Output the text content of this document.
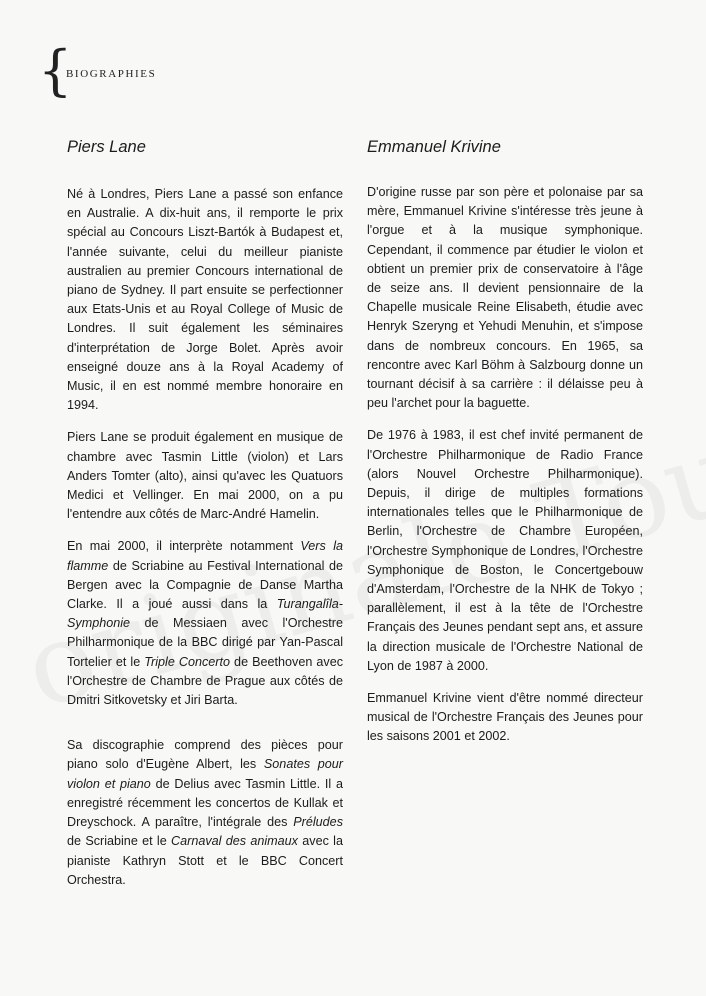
{
BIOGRAPHIES
Piers Lane

Né à Londres, Piers Lane a passé son enfance en Australie. A dix-huit ans, il remporte le prix spécial au Concours Liszt-Bartók à Budapest et, l'année suivante, celui du meilleur pianiste australien au premier Concours international de piano de Sydney. Il part ensuite se perfectionner aux Etats-Unis et au Royal College of Music de Londres. Il suit également les séminaires d'interprétation de Jorge Bolet. Après avoir enseigné douze ans à la Royal Academy of Music, il en est nommé membre honoraire en 1994.

Piers Lane se produit également en musique de chambre avec Tasmin Little (violon) et Lars Anders Tomter (alto), ainsi qu'avec les Quatuors Medici et Vellinger. En mai 2000, on a pu l'entendre aux côtés de Marc-André Hamelin.

En mai 2000, il interprète notamment Vers la flamme de Scriabine au Festival International de Bergen avec la Compagnie de Danse Martha Clarke. Il a joué aussi dans la Turangalîla-Symphonie de Messiaen avec l'Orchestre Philharmonique de la BBC dirigé par Yan-Pascal Tortelier et le Triple Concerto de Beethoven avec l'Orchestre de Chambre de Prague aux côtés de Dmitri Sitkovetsky et Jiri Barta.

Sa discographie comprend des pièces pour piano solo d'Eugène Albert, les Sonates pour violon et piano de Delius avec Tasmin Little. Il a enregistré récemment les concertos de Kullak et Dreyschock. A paraître, l'intégrale des Préludes de Scriabine et le Carnaval des animaux avec la pianiste Kathryn Stott et le BBC Concert Orchestra.

Emmanuel Krivine

D'origine russe par son père et polonaise par sa mère, Emmanuel Krivine s'intéresse très jeune à l'orgue et à la musique symphonique. Cependant, il commence par étudier le violon et obtient un premier prix de conservatoire à l'âge de seize ans. Il devient pensionnaire de la Chapelle musicale Reine Elisabeth, étudie avec Henryk Szeryng et Yehudi Menuhin, et s'impose dans de nombreux concours. En 1965, sa rencontre avec Karl Böhm à Salzbourg donne un tournant décisif à sa carrière : il délaisse peu à peu l'archet pour la baguette.

De 1976 à 1983, il est chef invité permanent de l'Orchestre Philharmonique de Radio France (alors Nouvel Orchestre Philharmonique). Depuis, il dirige de multiples formations internationales telles que le Philharmonique de Berlin, l'Orchestre de Chambre Européen, l'Orchestre Symphonique de Londres, l'Orchestre Symphonique de Boston, le Concertgebouw d'Amsterdam, l'Orchestre de la NHK de Tokyo ; parallèlement, il est à la tête de l'Orchestre Français des Jeunes pendant sept ans, et assure la direction musicale de l'Orchestre National de Lyon de 1987 à 2000.

Emmanuel Krivine vient d'être nommé directeur musical de l'Orchestre Français des Jeunes pour les saisons 2001 et 2002.
